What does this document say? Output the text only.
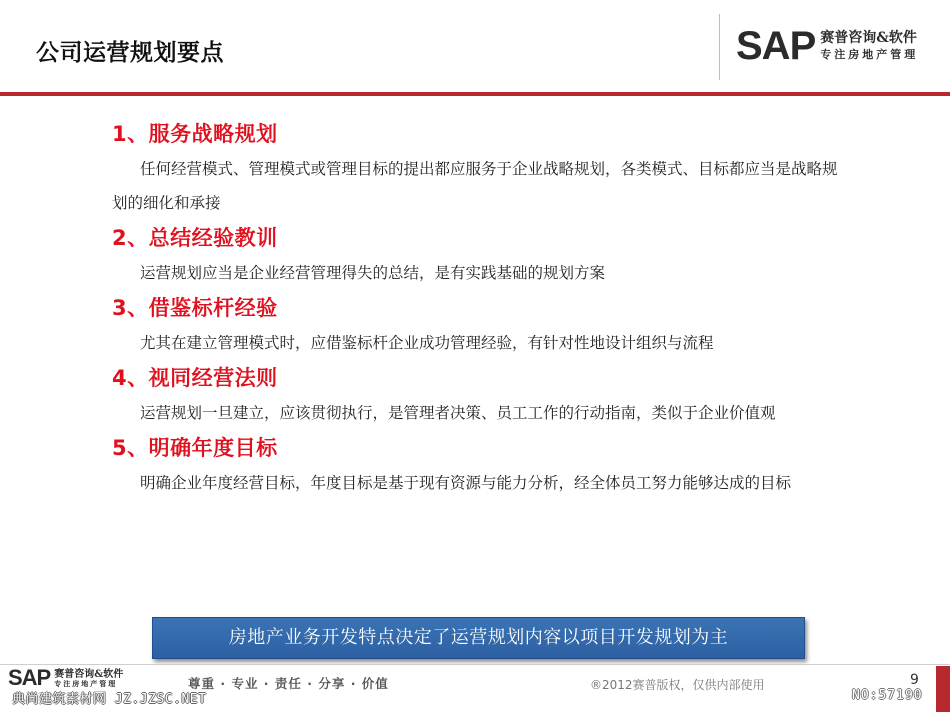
公司运营规划要点	SAP 赛普咨询&软件
专注房地产管理
1、服务战略规划

任何经营模式、管理模式或管理目标的提出都应服务于企业战略规划，各类模式、目标都应当是战略规划的细化和承接

2、总结经验教训

运营规划应当是企业经营管理得失的总结，是有实践基础的规划方案

3、借鉴标杆经验

尤其在建立管理模式时，应借鉴标杆企业成功管理经验，有针对性地设计组织与流程

4、视同经营法则

运营规划一旦建立，应该贯彻执行，是管理者决策、员工工作的行动指南，类似于企业价值观

5、明确年度目标

明确企业年度经营目标，年度目标是基于现有资源与能力分析，经全体员工努力能够达成的目标

房地产业务开发特点决定了运营规划内容以项目开发规划为主
SAP 赛普咨询&软件
专注房地产管理	尊重 · 专业 · 责任 · 分享 · 价值	®2012赛普版权，仅供内部使用	9
典尚建筑素材网 JZ.JZSC.NET	NO:57190
